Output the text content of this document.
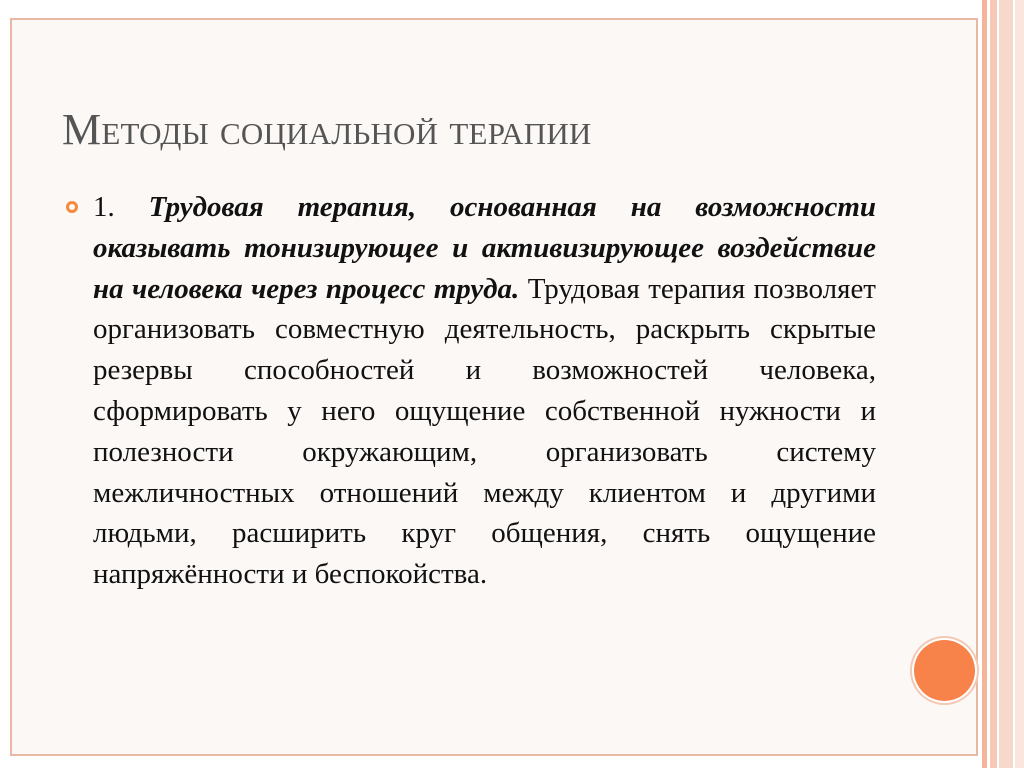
Методы социальной терапии

1. Трудовая терапия, основанная на возможности оказывать тонизирующее и активизирующее воздействие на человека через процесс труда. Трудовая терапия позволяет организовать совместную деятельность, раскрыть скрытые резервы способностей и возможностей человека, сформировать у него ощущение собственной нужности и полезности окружающим, организовать систему межличностных отношений между клиентом и другими людьми, расширить круг общения, снять ощущение напряжённости и беспокойства.
